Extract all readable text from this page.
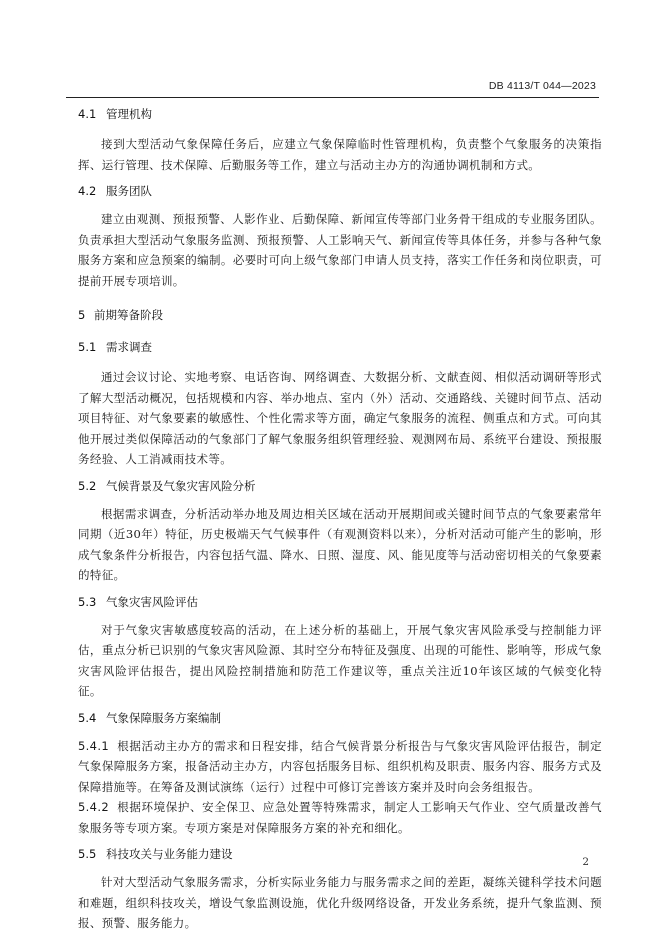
DB 4113/T 044—2023
4.1 管理机构

接到大型活动气象保障任务后，应建立气象保障临时性管理机构，负责整个气象服务的决策指挥、运行管理、技术保障、后勤服务等工作，建立与活动主办方的沟通协调机制和方式。

4.2 服务团队

建立由观测、预报预警、人影作业、后勤保障、新闻宣传等部门业务骨干组成的专业服务团队。负责承担大型活动气象服务监测、预报预警、人工影响天气、新闻宣传等具体任务，并参与各种气象服务方案和应急预案的编制。必要时可向上级气象部门申请人员支持，落实工作任务和岗位职责，可提前开展专项培训。

5 前期筹备阶段
5.1 需求调查

通过会议讨论、实地考察、电话咨询、网络调查、大数据分析、文献查阅、相似活动调研等形式了解大型活动概况，包括规模和内容、举办地点、室内（外）活动、交通路线、关键时间节点、活动项目特征、对气象要素的敏感性、个性化需求等方面，确定气象服务的流程、侧重点和方式。可向其他开展过类似保障活动的气象部门了解气象服务组织管理经验、观测网布局、系统平台建设、预报服务经验、人工消减雨技术等。

5.2 气候背景及气象灾害风险分析

根据需求调查，分析活动举办地及周边相关区域在活动开展期间或关键时间节点的气象要素常年同期（近30年）特征，历史极端天气气候事件（有观测资料以来），分析对活动可能产生的影响，形成气象条件分析报告，内容包括气温、降水、日照、湿度、风、能见度等与活动密切相关的气象要素的特征。

5.3 气象灾害风险评估

对于气象灾害敏感度较高的活动，在上述分析的基础上，开展气象灾害风险承受与控制能力评估，重点分析已识别的气象灾害风险源、其时空分布特征及强度、出现的可能性、影响等，形成气象灾害风险评估报告，提出风险控制措施和防范工作建议等，重点关注近10年该区域的气候变化特征。

5.4 气象保障服务方案编制

5.4.1 根据活动主办方的需求和日程安排，结合气候背景分析报告与气象灾害风险评估报告，制定气象保障服务方案，报备活动主办方，内容包括服务目标、组织机构及职责、服务内容、服务方式及保障措施等。在筹备及测试演练（运行）过程中可修订完善该方案并及时向会务组报告。

5.4.2 根据环境保护、安全保卫、应急处置等特殊需求，制定人工影响天气作业、空气质量改善气象服务等专项方案。专项方案是对保障服务方案的补充和细化。

5.5 科技攻关与业务能力建设

针对大型活动气象服务需求，分析实际业务能力与服务需求之间的差距，凝练关键科学技术问题和难题，组织科技攻关，增设气象监测设施，优化升级网络设备，开发业务系统，提升气象监测、预报、预警、服务能力。

2
